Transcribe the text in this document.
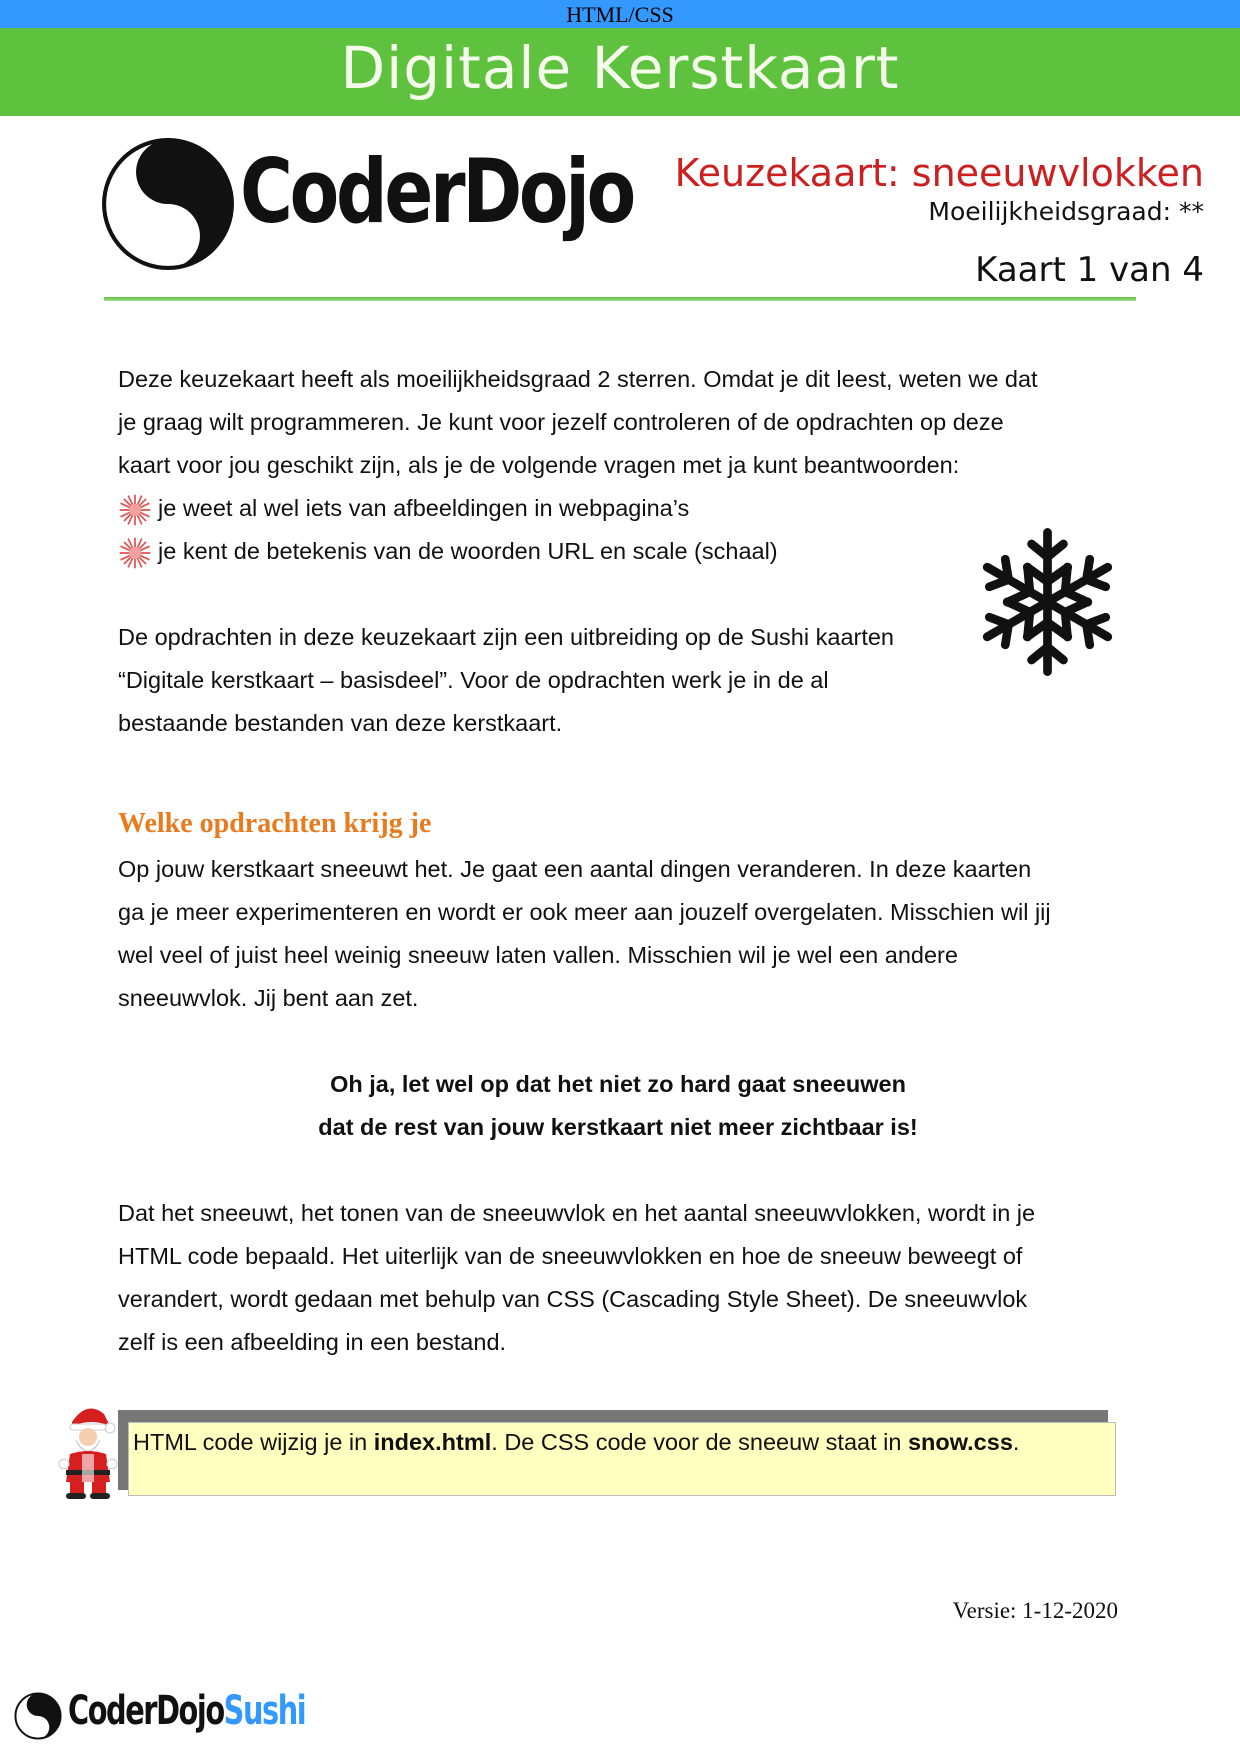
HTML/CSS
Digitale Kerstkaart
CoderDojo Keuzekaart: sneeuwvlokken
Moeilijkheidsgraad: **
Kaart 1 van 4
Deze keuzekaart heeft als moeilijkheidsgraad 2 sterren. Omdat je dit leest, weten we dat
je graag wilt programmeren. Je kunt voor jezelf controleren of de opdrachten op deze
kaart voor jou geschikt zijn, als je de volgende vragen met ja kunt beantwoorden:
je weet al wel iets van afbeeldingen in webpagina’s
je kent de betekenis van de woorden URL en scale (schaal)
De opdrachten in deze keuzekaart zijn een uitbreiding op de Sushi kaarten
“Digitale kerstkaart – basisdeel”. Voor de opdrachten werk je in de al
bestaande bestanden van deze kerstkaart.
Welke opdrachten krijg je
Op jouw kerstkaart sneeuwt het. Je gaat een aantal dingen veranderen. In deze kaarten
ga je meer experimenteren en wordt er ook meer aan jouzelf overgelaten. Misschien wil jij
wel veel of juist heel weinig sneeuw laten vallen. Misschien wil je wel een andere
sneeuwvlok. Jij bent aan zet.
Oh ja, let wel op dat het niet zo hard gaat sneeuwen
dat de rest van jouw kerstkaart niet meer zichtbaar is!
Dat het sneeuwt, het tonen van de sneeuwvlok en het aantal sneeuwvlokken, wordt in je
HTML code bepaald. Het uiterlijk van de sneeuwvlokken en hoe de sneeuw beweegt of
verandert, wordt gedaan met behulp van CSS (Cascading Style Sheet). De sneeuwvlok
zelf is een afbeelding in een bestand.
HTML code wijzig je in index.html. De CSS code voor de sneeuw staat in snow.css.
Versie: 1-12-2020
CoderDojoSushi
